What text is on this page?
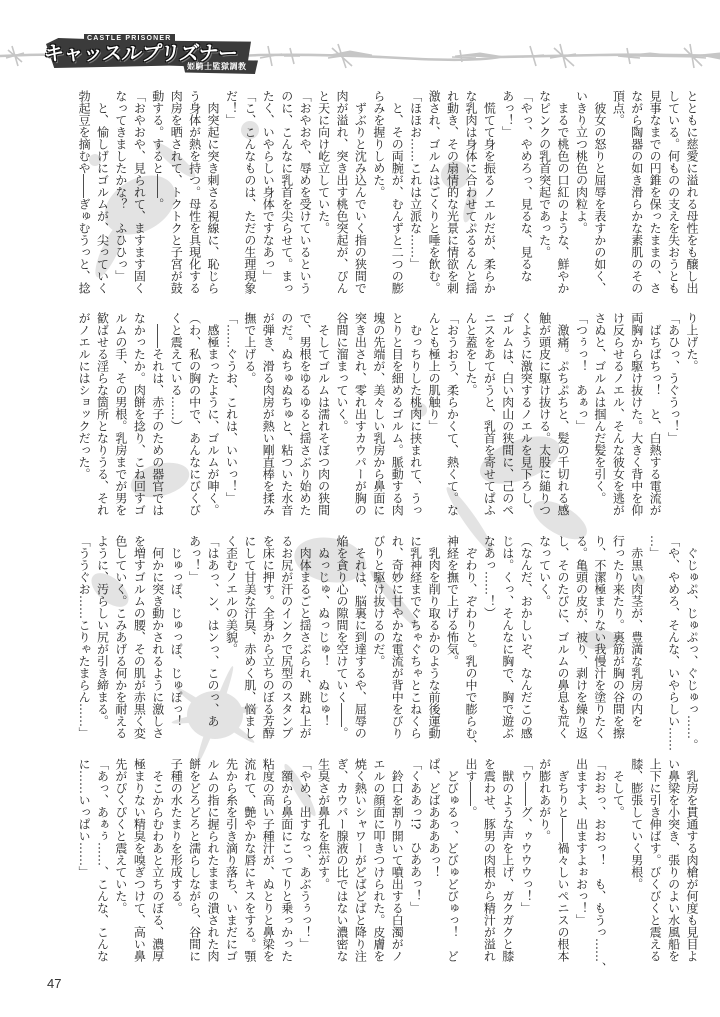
CASTLE PRISONER
キャッスルプリズナー
姫騎士監獄調教
とともに慈愛に溢れる母性をも醸し出
している。何ものの支えを失おうとも
見事なまでの円錐を保ったままの、さ
ながら陶器の如き滑らかな素肌のその
頂点。
　彼女の怒りと屈辱を表すかの如く、
いきり立つ桃色の肉粒よ。
　まるで桃色の口紅のような、鮮やか
なピンクの乳首突起であった。
「やっ、やめろっ、見るな、見るな
あっ！」
　慌てて身を振るノエルだが、柔らか
な乳肉は身体に合わせてぷるるんと揺
れ動き、その扇情的な光景に情欲を刺
激され、ゴルムはごくりと唾を飲む。
「ほほお……これは立派な……」
　と、その両腕が、むんずと二つの膨
らみを握りしめた。
　ずぶりと沈み込んでいく指の狭間で
肉が溢れ、突き出す桃色突起が、ぴん
と天に向け屹立していた。
「おやおや、辱めを受けているという
のに、こんなに乳首を尖らせて。まっ
たく、いやらしい身体ですなあっ」
「こ、こんなものは、ただの生理現象
だ！」
　肉突起に突き刺さる視線に、恥じら
う身体が熱を持つ。母性を具現化する
肉房を晒されて、トクトクと子宮が鼓
動する。すると――。
「おやおや、見られて、ますます固く
なってきましたかな？　ふひひっ」
　と、愉しげにゴルムが、尖っていく
勃起豆を摘むや――ぎゅむうっと、捻
り上げた。
「あひっ、うぐうっ！」
　ばちばちっ！　と、白熱する電流が
両胸から駆け抜けた。大きく背中を仰
け反らせるノエル、そんな彼女を逃が
さぬと、ゴルムは掴んだ髪を引く。
「つぅっ！　あぁっ」
　激痛。ぷちぷちと、髪の千切れる感
触が頭皮に駆け抜ける。太股に縋りつ
くように激突するノエルを見下ろし、
ゴルムは、白い肉山の狭間に、己のペ
ニスをあてがうと、乳首を寄せてぱふ
んと蓋をした。
「おうおう、柔らかくて、熱くて。な
んとも極上の肌触り」
　むっちりした桃肉に挟まれて、うっ
とりと目を細めるゴルム。脈動する肉
塊の先端が、美々しい乳房から鼻面に
突き出され、零れ出すカウパーが胸の
谷間に溜まっていく。
　そしてゴルムは濡れそぼつ肉の狭間
で、男根をゆるゆると揺さぶり始めた
のだ。ぬちゅぬちゅと、粘ついた水音
が弾き、滑る肉房が熱い剛直棒を揉み
撫で上げる。
「……ぐうお、これは、いいっ！」
　感極まったように、ゴルムが呻く。
（わ、私の胸の中で、あんなにびくび
くと震えている……）
　――それは、赤子のための器官では
なかったか。肉餅を捻り、こね回すゴ
ルムの手、その男根。乳房までが男を
歓ばせる淫らな箇所となりうる、それ
がノエルにはショックだった。
　ぐじゅぷ、じゅぷっ、ぐじゅっ……。
「や、やめろ、そんな、いやらしい……
…」
　赤黒い肉茎が、豊満な乳房の内を
行ったり来たり。裏筋が胸の谷間を擦
り、不潔極まりない我慢汁を塗りたく
る。亀頭の皮が、被り、剥けを繰り返
し、そのたびに、ゴルムの鼻息も荒く
なっていく。
（なんだ、おかしいぞ、なんだこの感
じは。くっ、そんなに胸で、胸で遊ぶ
なあっ……！）
　ぞわり、ぞわりと。乳の中で膨らむ、
神経を撫で上げる怖気。
　乳肉を削り取るかのような前後運動
に乳神経までぐちゃぐちゃとこねくら
れ、奇妙に甘やかな電流が背中をびり
びりと駆け抜けるのだ。
　それは、脳裏に到達するや、屈辱の
焔を貪り心の隙間を空けていく――。
　ぬっじゅ、ぬっじゅ！　ぬじゅ！
　肉体まるごと揺さぶられ、跳ね上が
るお尻が汗のインクで尻型のスタンプ
を床に押す。全身から立ちのぼる芳醇
にして甘美な汗臭、赤めく肌、悩まし
く歪むノエルの美貌。
「はあっ、ン、はンっ、このっ、あ
あっ！」
　じゅっぽ、じゅっぽ、じゅぽっ！
　何かに突き動かされるように激しさ
を増すゴルムの腰、その肌が赤黒く変
色していく。こみあげる何かを耐える
ように、汚らしい尻が引き締まる。
「ううぐお……こりゃたまらん……」
　乳房を貫通する肉槍が何度も見目よ
い鼻梁を小突き、張りのよい水風船を
上下に引き伸ばす。びくびくと震える
膝、膨張していく男根。
　そして。
「おおっ、おおっ！　も、もうっ……、
出ますよ、出ますよぉおっ！」
　ぎちりと――禍々しいペニスの根本
が膨れあがり。
「ウ――グ、ゥウウウっ！」
　獣のような声を上げ、ガクガクと膝
を震わせ、豚男の肉根から精汁が溢れ
出す――。
　どびゅるっ、どびゅどびゅっ！　ど
ぱ、どばああああっ！
「くああっ!?　ひああっ！」
　鈴口を割り開いて噴出する白濁がノ
エルの顔面に叩きつけられた。皮膚を
焼く熱いシャワーがどばどばと降り注
ぎ、カウパー腺液の比ではない濃密な
生臭さが鼻孔を焦がす。
「やめ、出すなっ、あぶうぅっ！」
　額から鼻面にこってりと乗っかった
粘度の高い子種汁が、ぬとりと鼻梁を
流れて、艶やかな唇にキスをする。顎
先から糸を引き滴り落ち、いまだにゴ
ルムの指に握られたままの潰された肉
餅をどろどろと濡らしながら、谷間に
子種の水たまりを形成する。
　そこからむわあと立ちのぼる、濃厚
極まりない精臭を嗅ぎつけて、高い鼻
先がぴくぴくと震えていた。
「あっ、あぁぅ……、こんな、こんな
に……いっぱい……」
47
